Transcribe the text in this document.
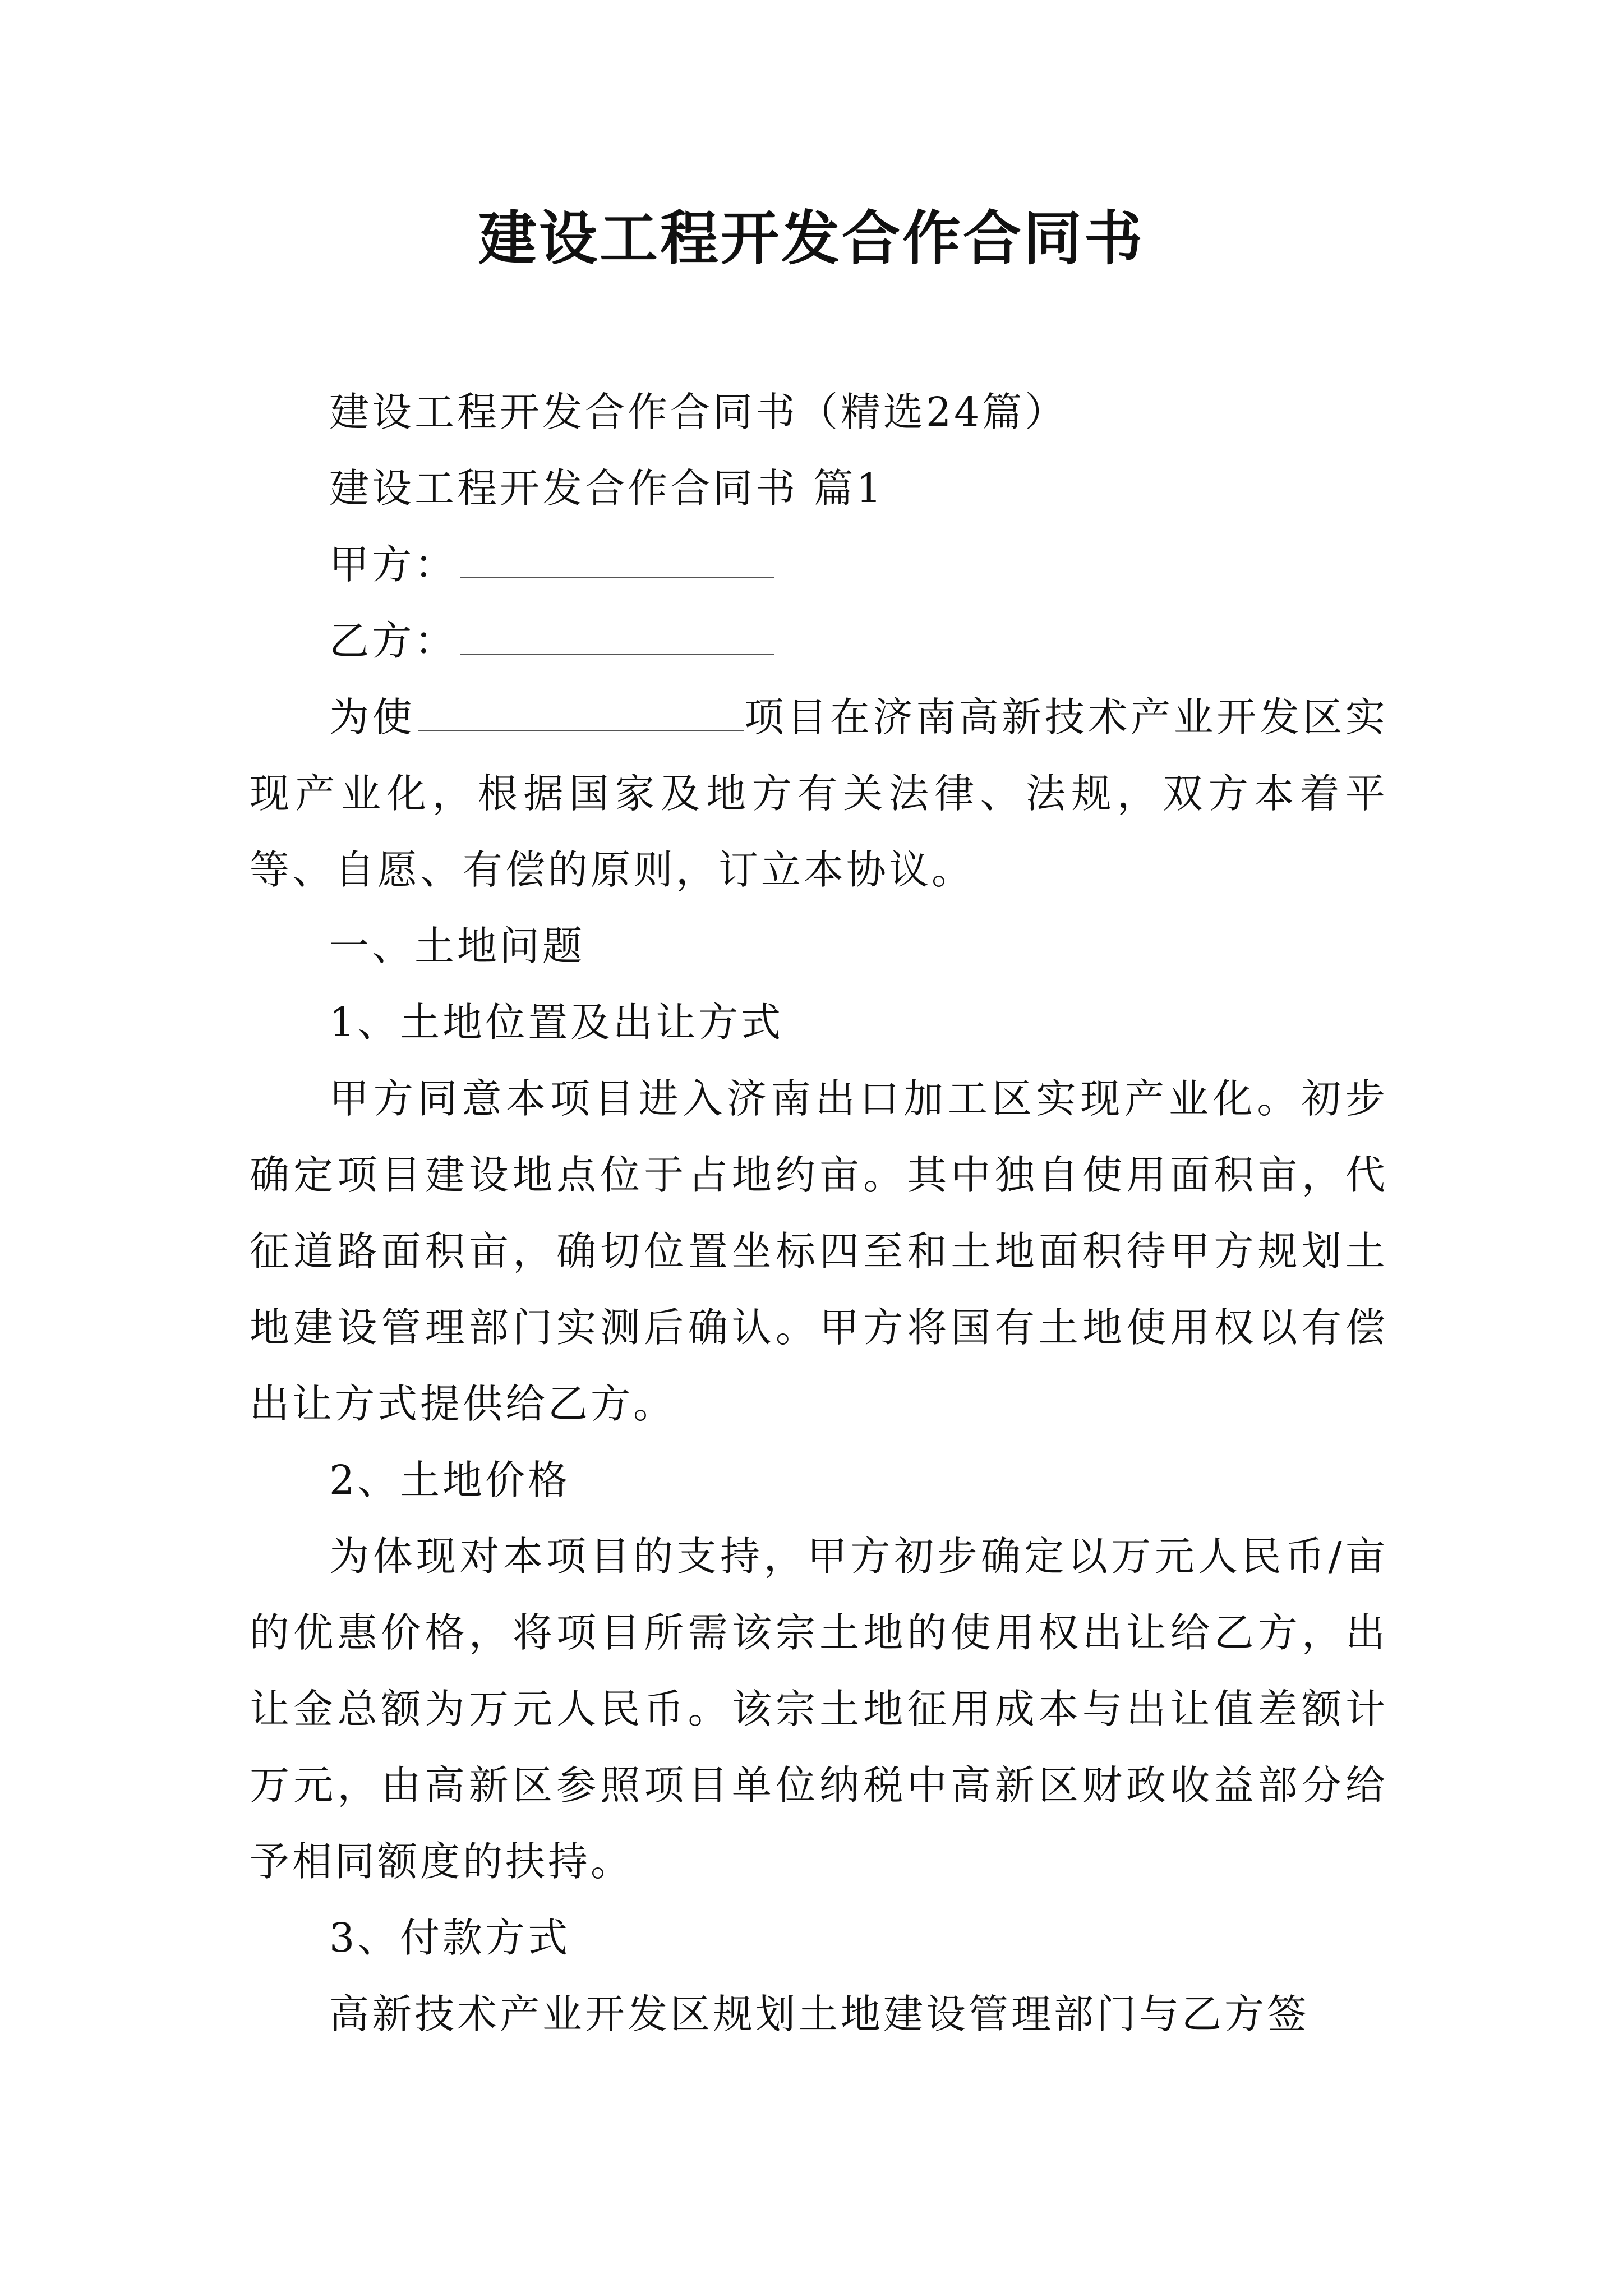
建设工程开发合作合同书

建设工程开发合作合同书（精选24篇）

建设工程开发合作合同书 篇1

甲方：

乙方：

为使	项目在济南高新技术产业开发区实现产业化，根据国家及地方有关法律、法规，双方本着平等、自愿、有偿的原则，订立本协议。

一、土地问题

1、土地位置及出让方式

甲方同意本项目进入济南出口加工区实现产业化。初步确定项目建设地点位于占地约亩。其中独自使用面积亩，代征道路面积亩，确切位置坐标四至和土地面积待甲方规划土地建设管理部门实测后确认。甲方将国有土地使用权以有偿出让方式提供给乙方。

2、土地价格

为体现对本项目的支持，甲方初步确定以万元人民币/亩的优惠价格，将项目所需该宗土地的使用权出让给乙方，出让金总额为万元人民币。该宗土地征用成本与出让值差额计万元，由高新区参照项目单位纳税中高新区财政收益部分给予相同额度的扶持。

3、付款方式

高新技术产业开发区规划土地建设管理部门与乙方签
